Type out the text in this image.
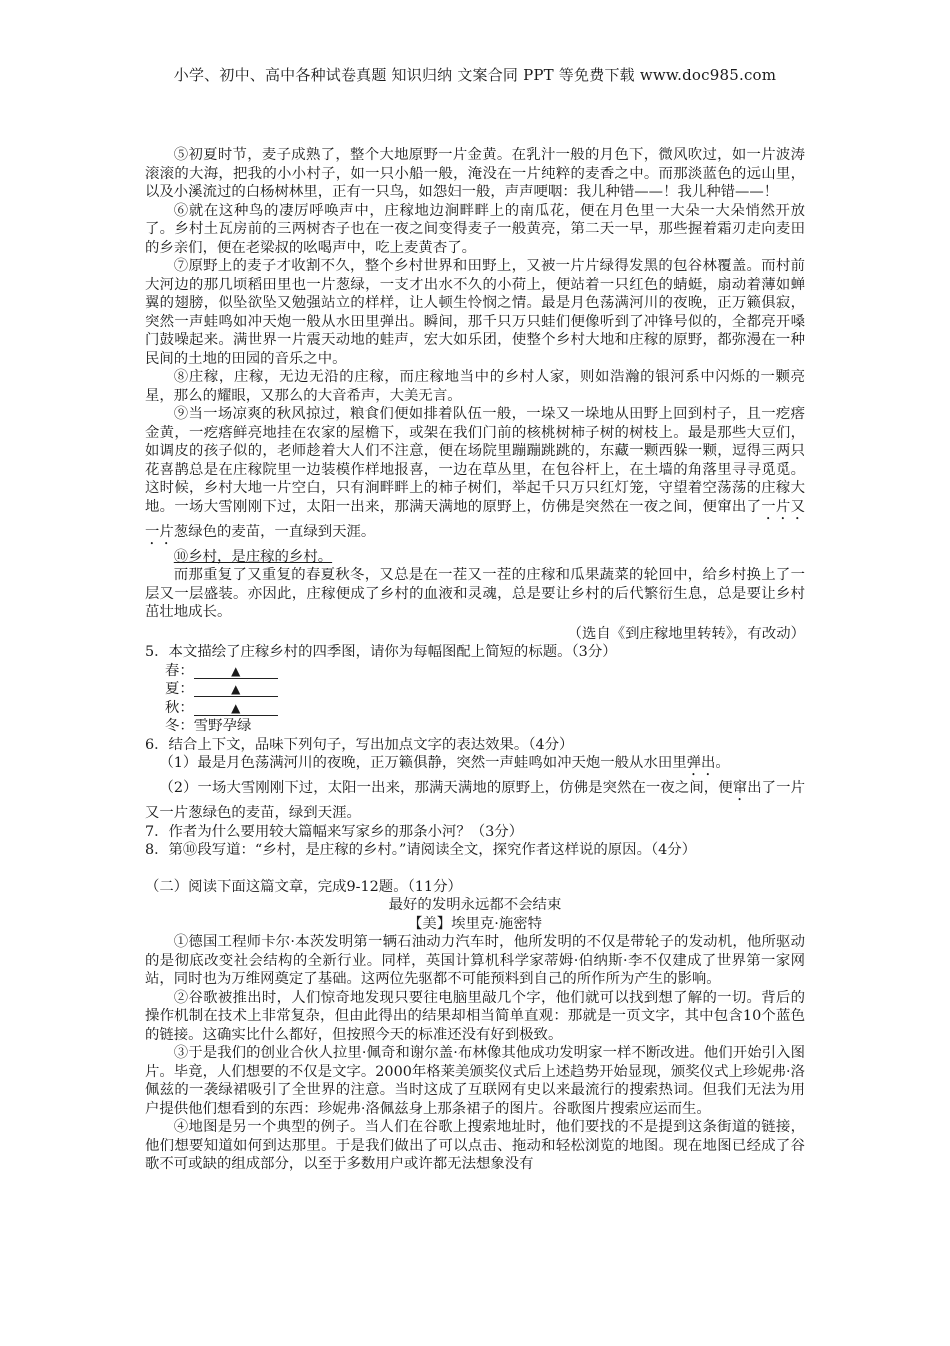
小学、初中、高中各种试卷真题 知识归纳 文案合同 PPT 等免费下载 www.doc985.com

⑤初夏时节，麦子成熟了，整个大地原野一片金黄。在乳汁一般的月色下，微风吹过，如一片波涛滚滚的大海，把我的小小村子，如一只小船一般，淹没在一片纯粹的麦香之中。而那淡蓝色的远山里，以及小溪流过的白杨树林里，正有一只鸟，如怨妇一般，声声哽咽：我儿种错——！我儿种错——！

⑥就在这种鸟的凄厉呼唤声中，庄稼地边涧畔畔上的南瓜花，便在月色里一大朵一大朵悄然开放了。乡村土瓦房前的三两树杏子也在一夜之间变得麦子一般黄亮，第二天一早，那些握着霜刃走向麦田的乡亲们，便在老梁叔的吆喝声中，吃上麦黄杏了。

⑦原野上的麦子才收割不久，整个乡村世界和田野上，又被一片片绿得发黑的包谷林覆盖。而村前大河边的那几顷稻田里也一片葱绿，一支才出水不久的小荷上，便站着一只红色的蜻蜓，扇动着薄如蝉翼的翅膀，似坠欲坠又勉强站立的样样，让人顿生怜悯之情。最是月色荡满河川的夜晚，正万籁俱寂，突然一声蛙鸣如冲天炮一般从水田里弹出。瞬间，那千只万只蛙们便像听到了冲锋号似的，全都亮开嗓门鼓噪起来。满世界一片震天动地的蛙声，宏大如乐团，使整个乡村大地和庄稼的原野，都弥漫在一种民间的土地的田园的音乐之中。

⑧庄稼，庄稼，无边无沿的庄稼，而庄稼地当中的乡村人家，则如浩瀚的银河系中闪烁的一颗亮星，那么的耀眼，又那么的大音希声，大美无言。

⑨当一场凉爽的秋风掠过，粮食们便如排着队伍一般，一垛又一垛地从田野上回到村子，且一疙瘩金黄，一疙瘩鲜亮地挂在农家的屋檐下，或架在我们门前的核桃树柿子树的树枝上。最是那些大豆们，如调皮的孩子似的，老师趁着大人们不注意，便在场院里蹦蹦跳跳的，东藏一颗西躲一颗，逗得三两只花喜鹊总是在庄稼院里一边装模作样地报喜，一边在草丛里，在包谷杆上，在土墙的角落里寻寻觅觅。这时候，乡村大地一片空白，只有涧畔畔上的柿子树们，举起千只万只红灯笼，守望着空荡荡的庄稼大地。一场大雪刚刚下过，太阳一出来，那满天满地的原野上，仿佛是突然在一夜之间，便窜出了一片又一片葱绿色的麦苗，一直绿到天涯。

⑩乡村，是庄稼的乡村。

而那重复了又重复的春夏秋冬，又总是在一茬又一茬的庄稼和瓜果蔬菜的轮回中，给乡村换上了一层又一层盛装。亦因此，庄稼便成了乡村的血液和灵魂，总是要让乡村的后代繁衍生息，总是要让乡村茁壮地成长。

（选自《到庄稼地里转转》，有改动）

5．本文描绘了庄稼乡村的四季图，请你为每幅图配上简短的标题。（3分）

春：	▲
夏：	▲
秋：	▲
冬：雪野孕绿

6．结合上下文，品味下列句子，写出加点文字的表达效果。（4分）

（1）最是月色荡满河川的夜晚，正万籁俱静，突然一声蛙鸣如冲天炮一般从水田里弹出。

（2）一场大雪刚刚下过，太阳一出来，那满天满地的原野上，仿佛是突然在一夜之间，便窜出了一片又一片葱绿色的麦苗，绿到天涯。

7．作者为什么要用较大篇幅来写家乡的那条小河？（3分）

8．第⑩段写道：“乡村，是庄稼的乡村。”请阅读全文，探究作者这样说的原因。（4分）

（二）阅读下面这篇文章，完成9-12题。（11分）

最好的发明永远都不会结束

【美】埃里克·施密特

①德国工程师卡尔·本茨发明第一辆石油动力汽车时，他所发明的不仅是带轮子的发动机，他所驱动的是彻底改变社会结构的全新行业。同样，英国计算机科学家蒂姆·伯纳斯·李不仅建成了世界第一家网站，同时也为万维网奠定了基础。这两位先驱都不可能预料到自己的所作所为产生的影响。

②谷歌被推出时，人们惊奇地发现只要往电脑里敲几个字，他们就可以找到想了解的一切。背后的操作机制在技术上非常复杂，但由此得出的结果却相当简单直观：那就是一页文字，其中包含10个蓝色的链接。这确实比什么都好，但按照今天的标准还没有好到极致。

③于是我们的创业合伙人拉里·佩奇和谢尔盖·布林像其他成功发明家一样不断改进。他们开始引入图片。毕竟，人们想要的不仅是文字。2000年格莱美颁奖仪式后上述趋势开始显现，颁奖仪式上珍妮弗·洛佩兹的一袭绿裙吸引了全世界的注意。当时这成了互联网有史以来最流行的搜索热词。但我们无法为用户提供他们想看到的东西：珍妮弗·洛佩兹身上那条裙子的图片。谷歌图片搜索应运而生。

④地图是另一个典型的例子。当人们在谷歌上搜索地址时，他们要找的不是提到这条街道的链接，他们想要知道如何到达那里。于是我们做出了可以点击、拖动和轻松浏览的地图。现在地图已经成了谷歌不可或缺的组成部分，以至于多数用户或许都无法想象没有
